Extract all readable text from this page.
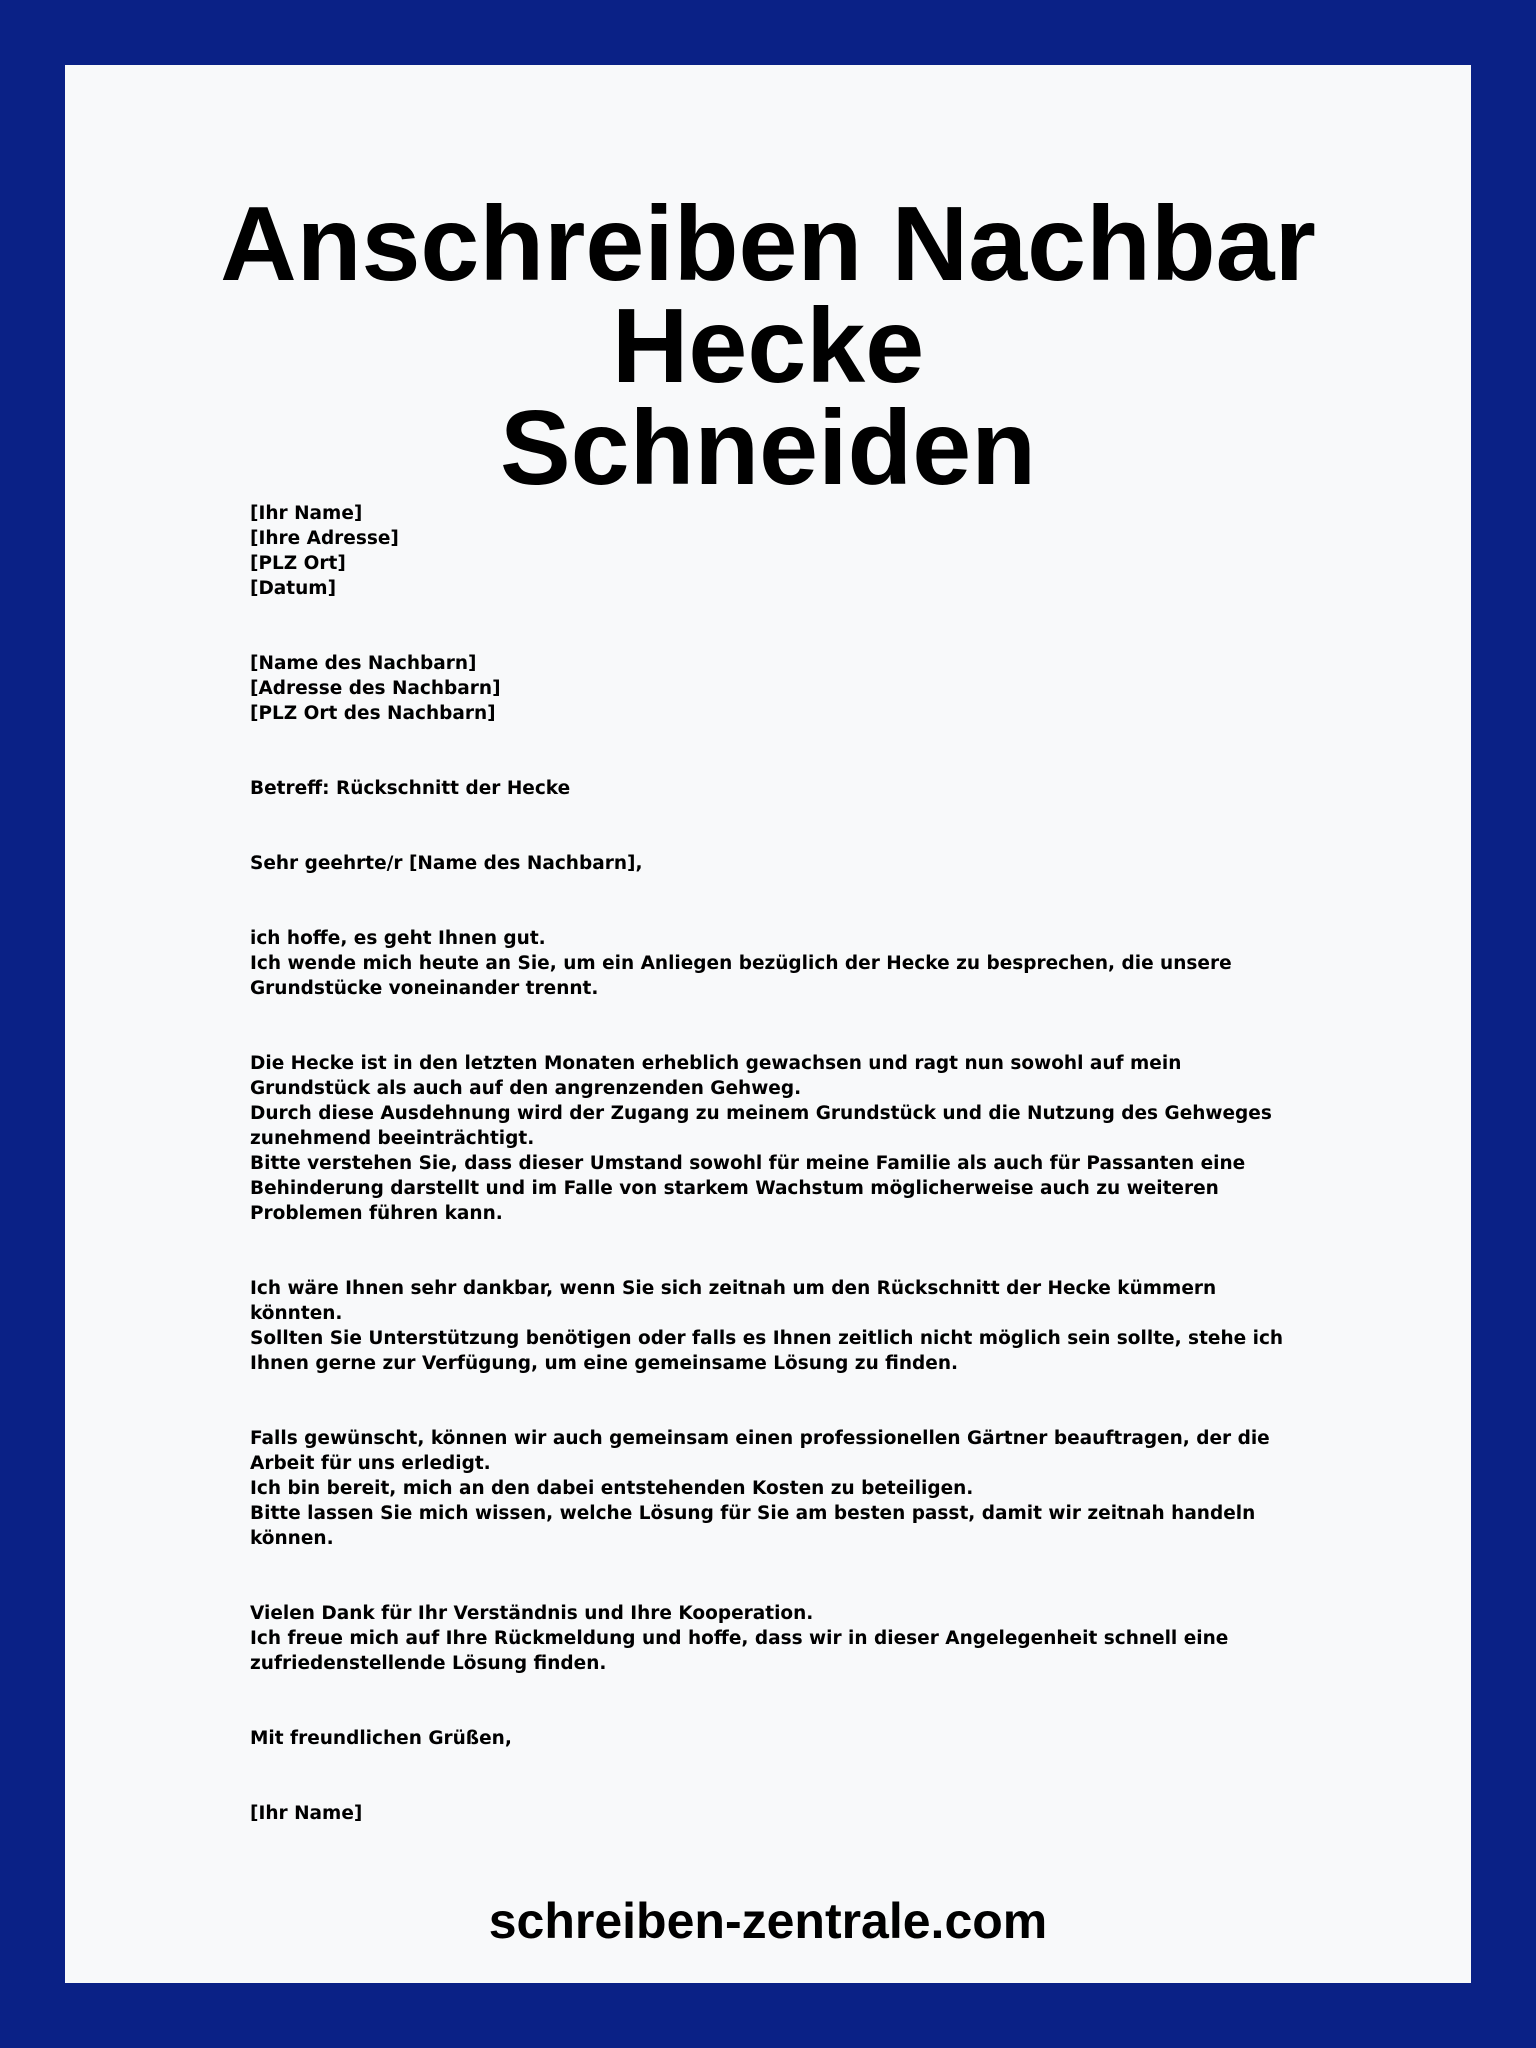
Anschreiben Nachbar Hecke
Schneiden
[Ihr Name]
[Ihre Adresse]
[PLZ Ort]
[Datum]
[Name des Nachbarn]
[Adresse des Nachbarn]
[PLZ Ort des Nachbarn]
Betreff: Rückschnitt der Hecke
Sehr geehrte/r [Name des Nachbarn],
ich hoffe, es geht Ihnen gut.
Ich wende mich heute an Sie, um ein Anliegen bezüglich der Hecke zu besprechen, die unsere Grundstücke voneinander trennt.
Die Hecke ist in den letzten Monaten erheblich gewachsen und ragt nun sowohl auf mein Grundstück als auch auf den angrenzenden Gehweg.
Durch diese Ausdehnung wird der Zugang zu meinem Grundstück und die Nutzung des Gehweges zunehmend beeinträchtigt.
Bitte verstehen Sie, dass dieser Umstand sowohl für meine Familie als auch für Passanten eine Behinderung darstellt und im Falle von starkem Wachstum möglicherweise auch zu weiteren Problemen führen kann.
Ich wäre Ihnen sehr dankbar, wenn Sie sich zeitnah um den Rückschnitt der Hecke kümmern könnten.
Sollten Sie Unterstützung benötigen oder falls es Ihnen zeitlich nicht möglich sein sollte, stehe ich Ihnen gerne zur Verfügung, um eine gemeinsame Lösung zu finden.
Falls gewünscht, können wir auch gemeinsam einen professionellen Gärtner beauftragen, der die Arbeit für uns erledigt.
Ich bin bereit, mich an den dabei entstehenden Kosten zu beteiligen.
Bitte lassen Sie mich wissen, welche Lösung für Sie am besten passt, damit wir zeitnah handeln können.
Vielen Dank für Ihr Verständnis und Ihre Kooperation.
Ich freue mich auf Ihre Rückmeldung und hoffe, dass wir in dieser Angelegenheit schnell eine zufriedenstellende Lösung finden.
Mit freundlichen Grüßen,
[Ihr Name]
schreiben-zentrale.com
